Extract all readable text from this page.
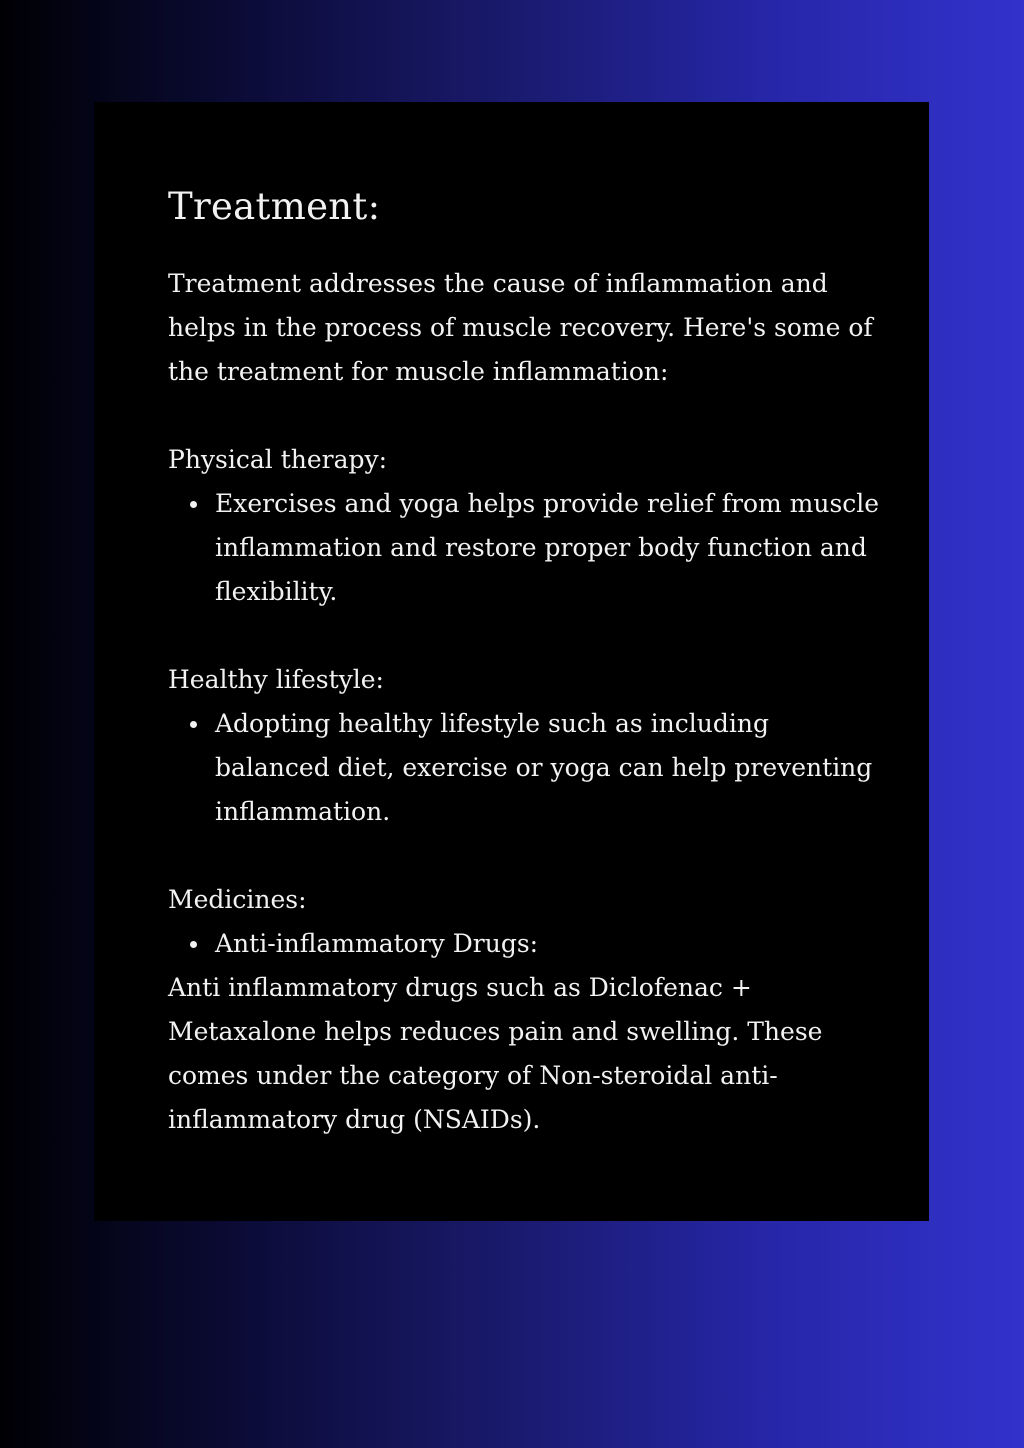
Treatment:

Treatment addresses the cause of inflammation and helps in the process of muscle recovery. Here's some of the treatment for muscle inflammation:

Physical therapy:

Exercises and yoga helps provide relief from muscle inflammation and restore proper body function and flexibility.

Healthy lifestyle:

Adopting healthy lifestyle such as including balanced diet, exercise or yoga can help preventing inflammation.

Medicines:

Anti-inflammatory Drugs:

Anti inflammatory drugs such as Diclofenac + Metaxalone helps reduces pain and swelling. These comes under the category of Non-steroidal anti-inflammatory drug (NSAIDs).
